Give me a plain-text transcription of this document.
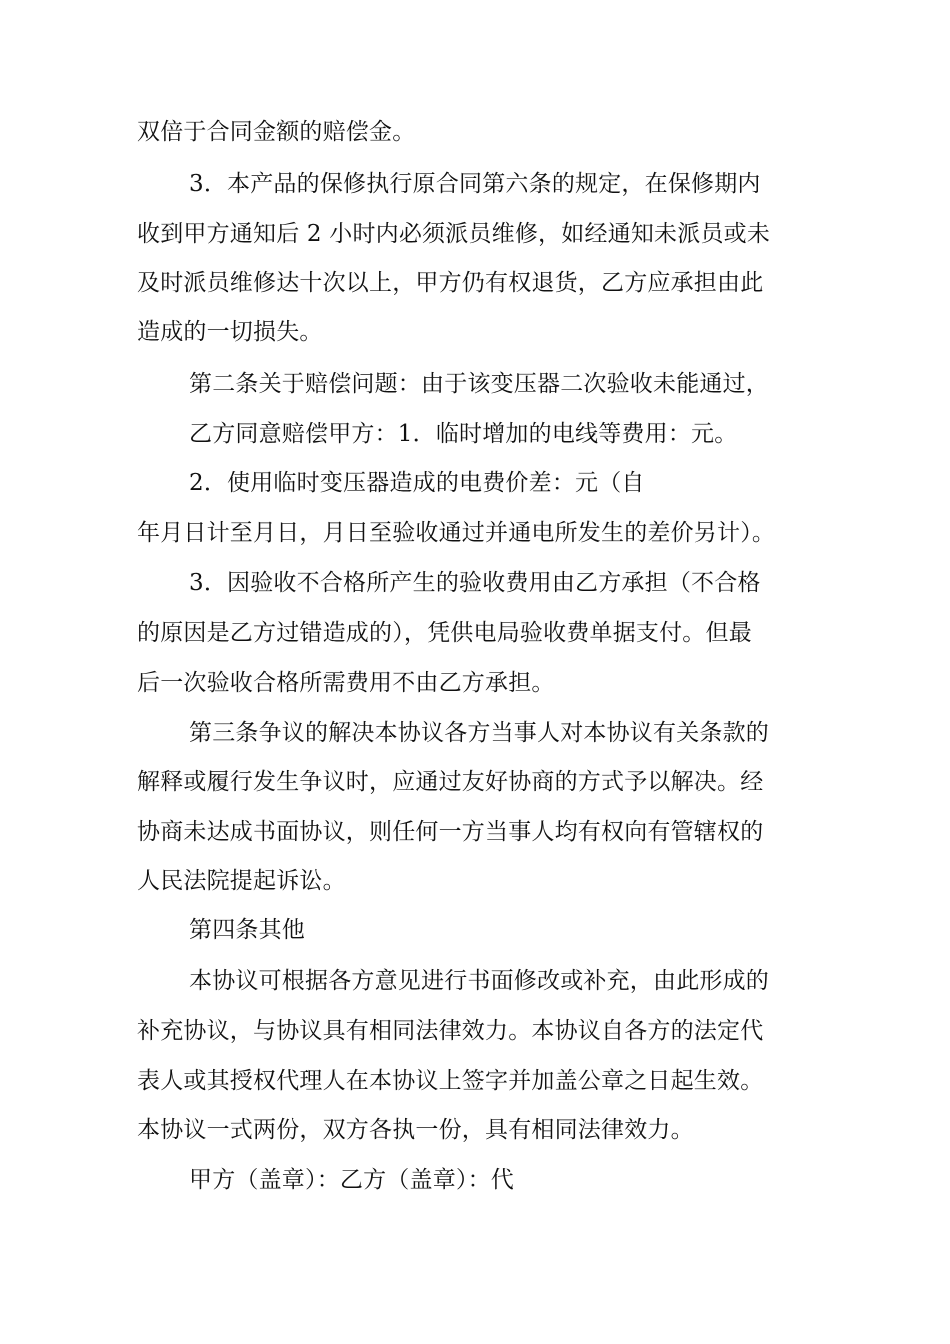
双倍于合同金额的赔偿金。
3．本产品的保修执行原合同第六条的规定，在保修期内
收到甲方通知后 2 小时内必须派员维修，如经通知未派员或未
及时派员维修达十次以上，甲方仍有权退货，乙方应承担由此
造成的一切损失。
第二条关于赔偿问题：由于该变压器二次验收未能通过，
乙方同意赔偿甲方：1．临时增加的电线等费用：元。
2．使用临时变压器造成的电费价差：元（自
年月日计至月日，月日至验收通过并通电所发生的差价另计）。
3．因验收不合格所产生的验收费用由乙方承担（不合格
的原因是乙方过错造成的），凭供电局验收费单据支付。但最
后一次验收合格所需费用不由乙方承担。
第三条争议的解决本协议各方当事人对本协议有关条款的
解释或履行发生争议时，应通过友好协商的方式予以解决。经
协商未达成书面协议，则任何一方当事人均有权向有管辖权的
人民法院提起诉讼。
第四条其他
本协议可根据各方意见进行书面修改或补充，由此形成的
补充协议，与协议具有相同法律效力。本协议自各方的法定代
表人或其授权代理人在本协议上签字并加盖公章之日起生效。
本协议一式两份，双方各执一份，具有相同法律效力。
甲方（盖章）：乙方（盖章）：代
